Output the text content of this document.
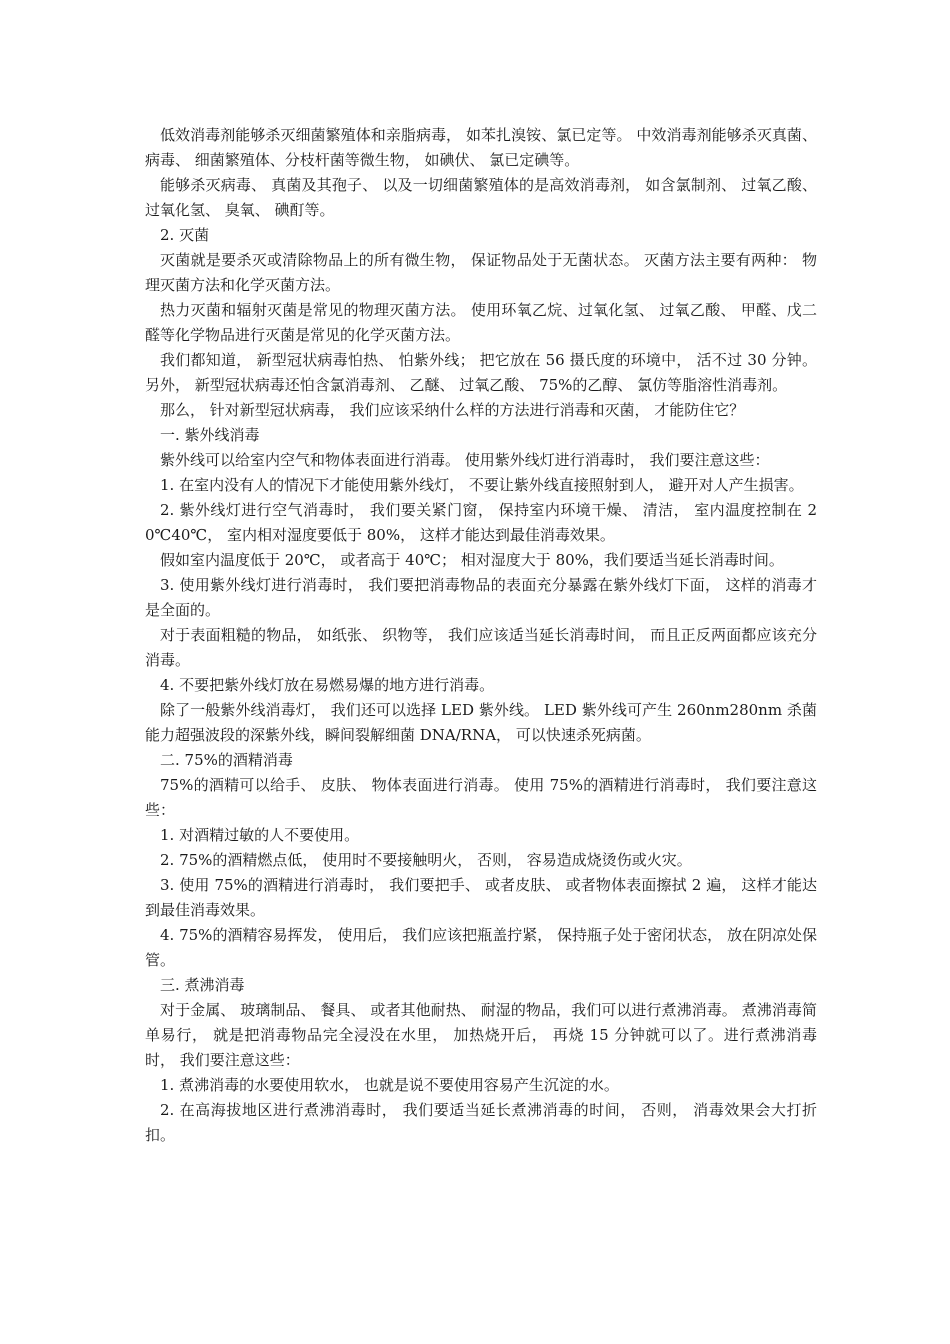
低效消毒剂能够杀灭细菌繁殖体和亲脂病毒， 如苯扎溴铵、氯已定等。 中效消毒剂能够杀灭真菌、 病毒、 细菌繁殖体、分枝杆菌等微生物， 如碘伏、 氯已定碘等。

能够杀灭病毒、 真菌及其孢子、 以及一切细菌繁殖体的是高效消毒剂， 如含氯制剂、 过氧乙酸、 过氧化氢、 臭氧、 碘酊等。

2. 灭菌

灭菌就是要杀灭或清除物品上的所有微生物， 保证物品处于无菌状态。 灭菌方法主要有两种： 物理灭菌方法和化学灭菌方法。

热力灭菌和辐射灭菌是常见的物理灭菌方法。 使用环氧乙烷、过氧化氢、 过氧乙酸、 甲醛、戊二醛等化学物品进行灭菌是常见的化学灭菌方法。

我们都知道， 新型冠状病毒怕热、 怕紫外线； 把它放在 56 摄氏度的环境中， 活不过 30 分钟。 另外， 新型冠状病毒还怕含氯消毒剂、 乙醚、 过氧乙酸、 75%的乙醇、 氯仿等脂溶性消毒剂。

那么， 针对新型冠状病毒， 我们应该采纳什么样的方法进行消毒和灭菌， 才能防住它？

一. 紫外线消毒

紫外线可以给室内空气和物体表面进行消毒。 使用紫外线灯进行消毒时， 我们要注意这些：

1. 在室内没有人的情况下才能使用紫外线灯， 不要让紫外线直接照射到人， 避开对人产生损害。

2. 紫外线灯进行空气消毒时， 我们要关紧门窗， 保持室内环境干燥、 清洁， 室内温度控制在 20℃40℃， 室内相对湿度要低于 80%， 这样才能达到最佳消毒效果。

假如室内温度低于 20℃， 或者高于 40℃； 相对湿度大于 80%，我们要适当延长消毒时间。

3. 使用紫外线灯进行消毒时， 我们要把消毒物品的表面充分暴露在紫外线灯下面， 这样的消毒才是全面的。

对于表面粗糙的物品， 如纸张、 织物等， 我们应该适当延长消毒时间， 而且正反两面都应该充分消毒。

4. 不要把紫外线灯放在易燃易爆的地方进行消毒。

除了一般紫外线消毒灯， 我们还可以选择 LED 紫外线。 LED 紫外线可产生 260nm280nm 杀菌能力超强波段的深紫外线，瞬间裂解细菌 DNA/RNA， 可以快速杀死病菌。

二. 75%的酒精消毒

75%的酒精可以给手、 皮肤、 物体表面进行消毒。 使用 75%的酒精进行消毒时， 我们要注意这些：

1. 对酒精过敏的人不要使用。

2. 75%的酒精燃点低， 使用时不要接触明火， 否则， 容易造成烧烫伤或火灾。

3. 使用 75%的酒精进行消毒时， 我们要把手、 或者皮肤、 或者物体表面擦拭 2 遍， 这样才能达到最佳消毒效果。

4. 75%的酒精容易挥发， 使用后， 我们应该把瓶盖拧紧， 保持瓶子处于密闭状态， 放在阴凉处保管。

三. 煮沸消毒

对于金属、 玻璃制品、 餐具、 或者其他耐热、 耐湿的物品，我们可以进行煮沸消毒。 煮沸消毒简单易行， 就是把消毒物品完全浸没在水里， 加热烧开后， 再烧 15 分钟就可以了。进行煮沸消毒时， 我们要注意这些：

1. 煮沸消毒的水要使用软水， 也就是说不要使用容易产生沉淀的水。

2. 在高海拔地区进行煮沸消毒时， 我们要适当延长煮沸消毒的时间， 否则， 消毒效果会大打折扣。
